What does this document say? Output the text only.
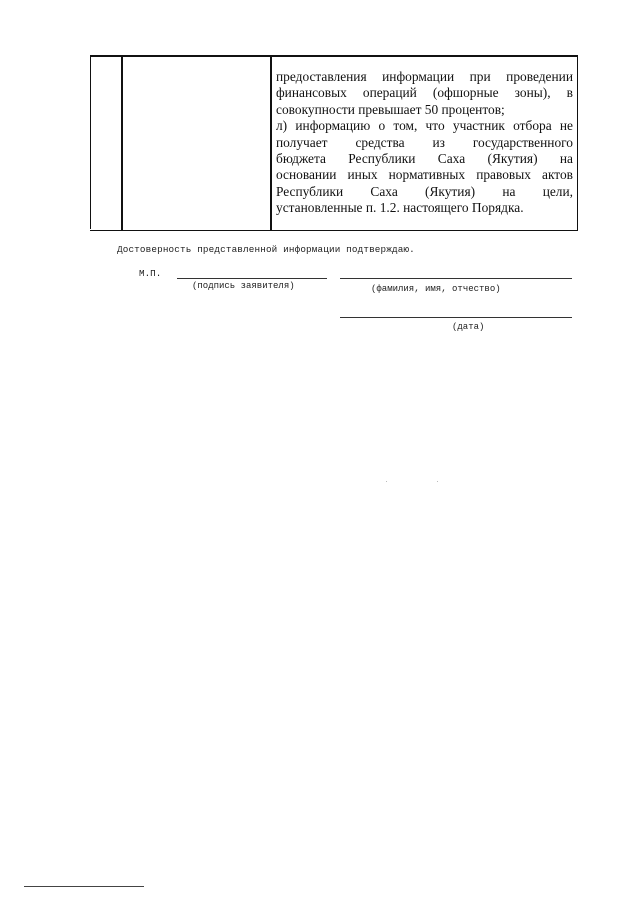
предоставления информации при проведении
финансовых операций (офшорные зоны), в
совокупности превышает 50 процентов;
л) информацию о том, что участник отбора не
получает средства из государственного
бюджета Республики Саха (Якутия) на
основании иных нормативных правовых актов
Республики Саха (Якутия) на цели,
установленные п. 1.2. настоящего Порядка.
Достоверность представленной информации подтверждаю.
М.П.
(подпись заявителя)	(фамилия, имя, отчество)
(дата)
